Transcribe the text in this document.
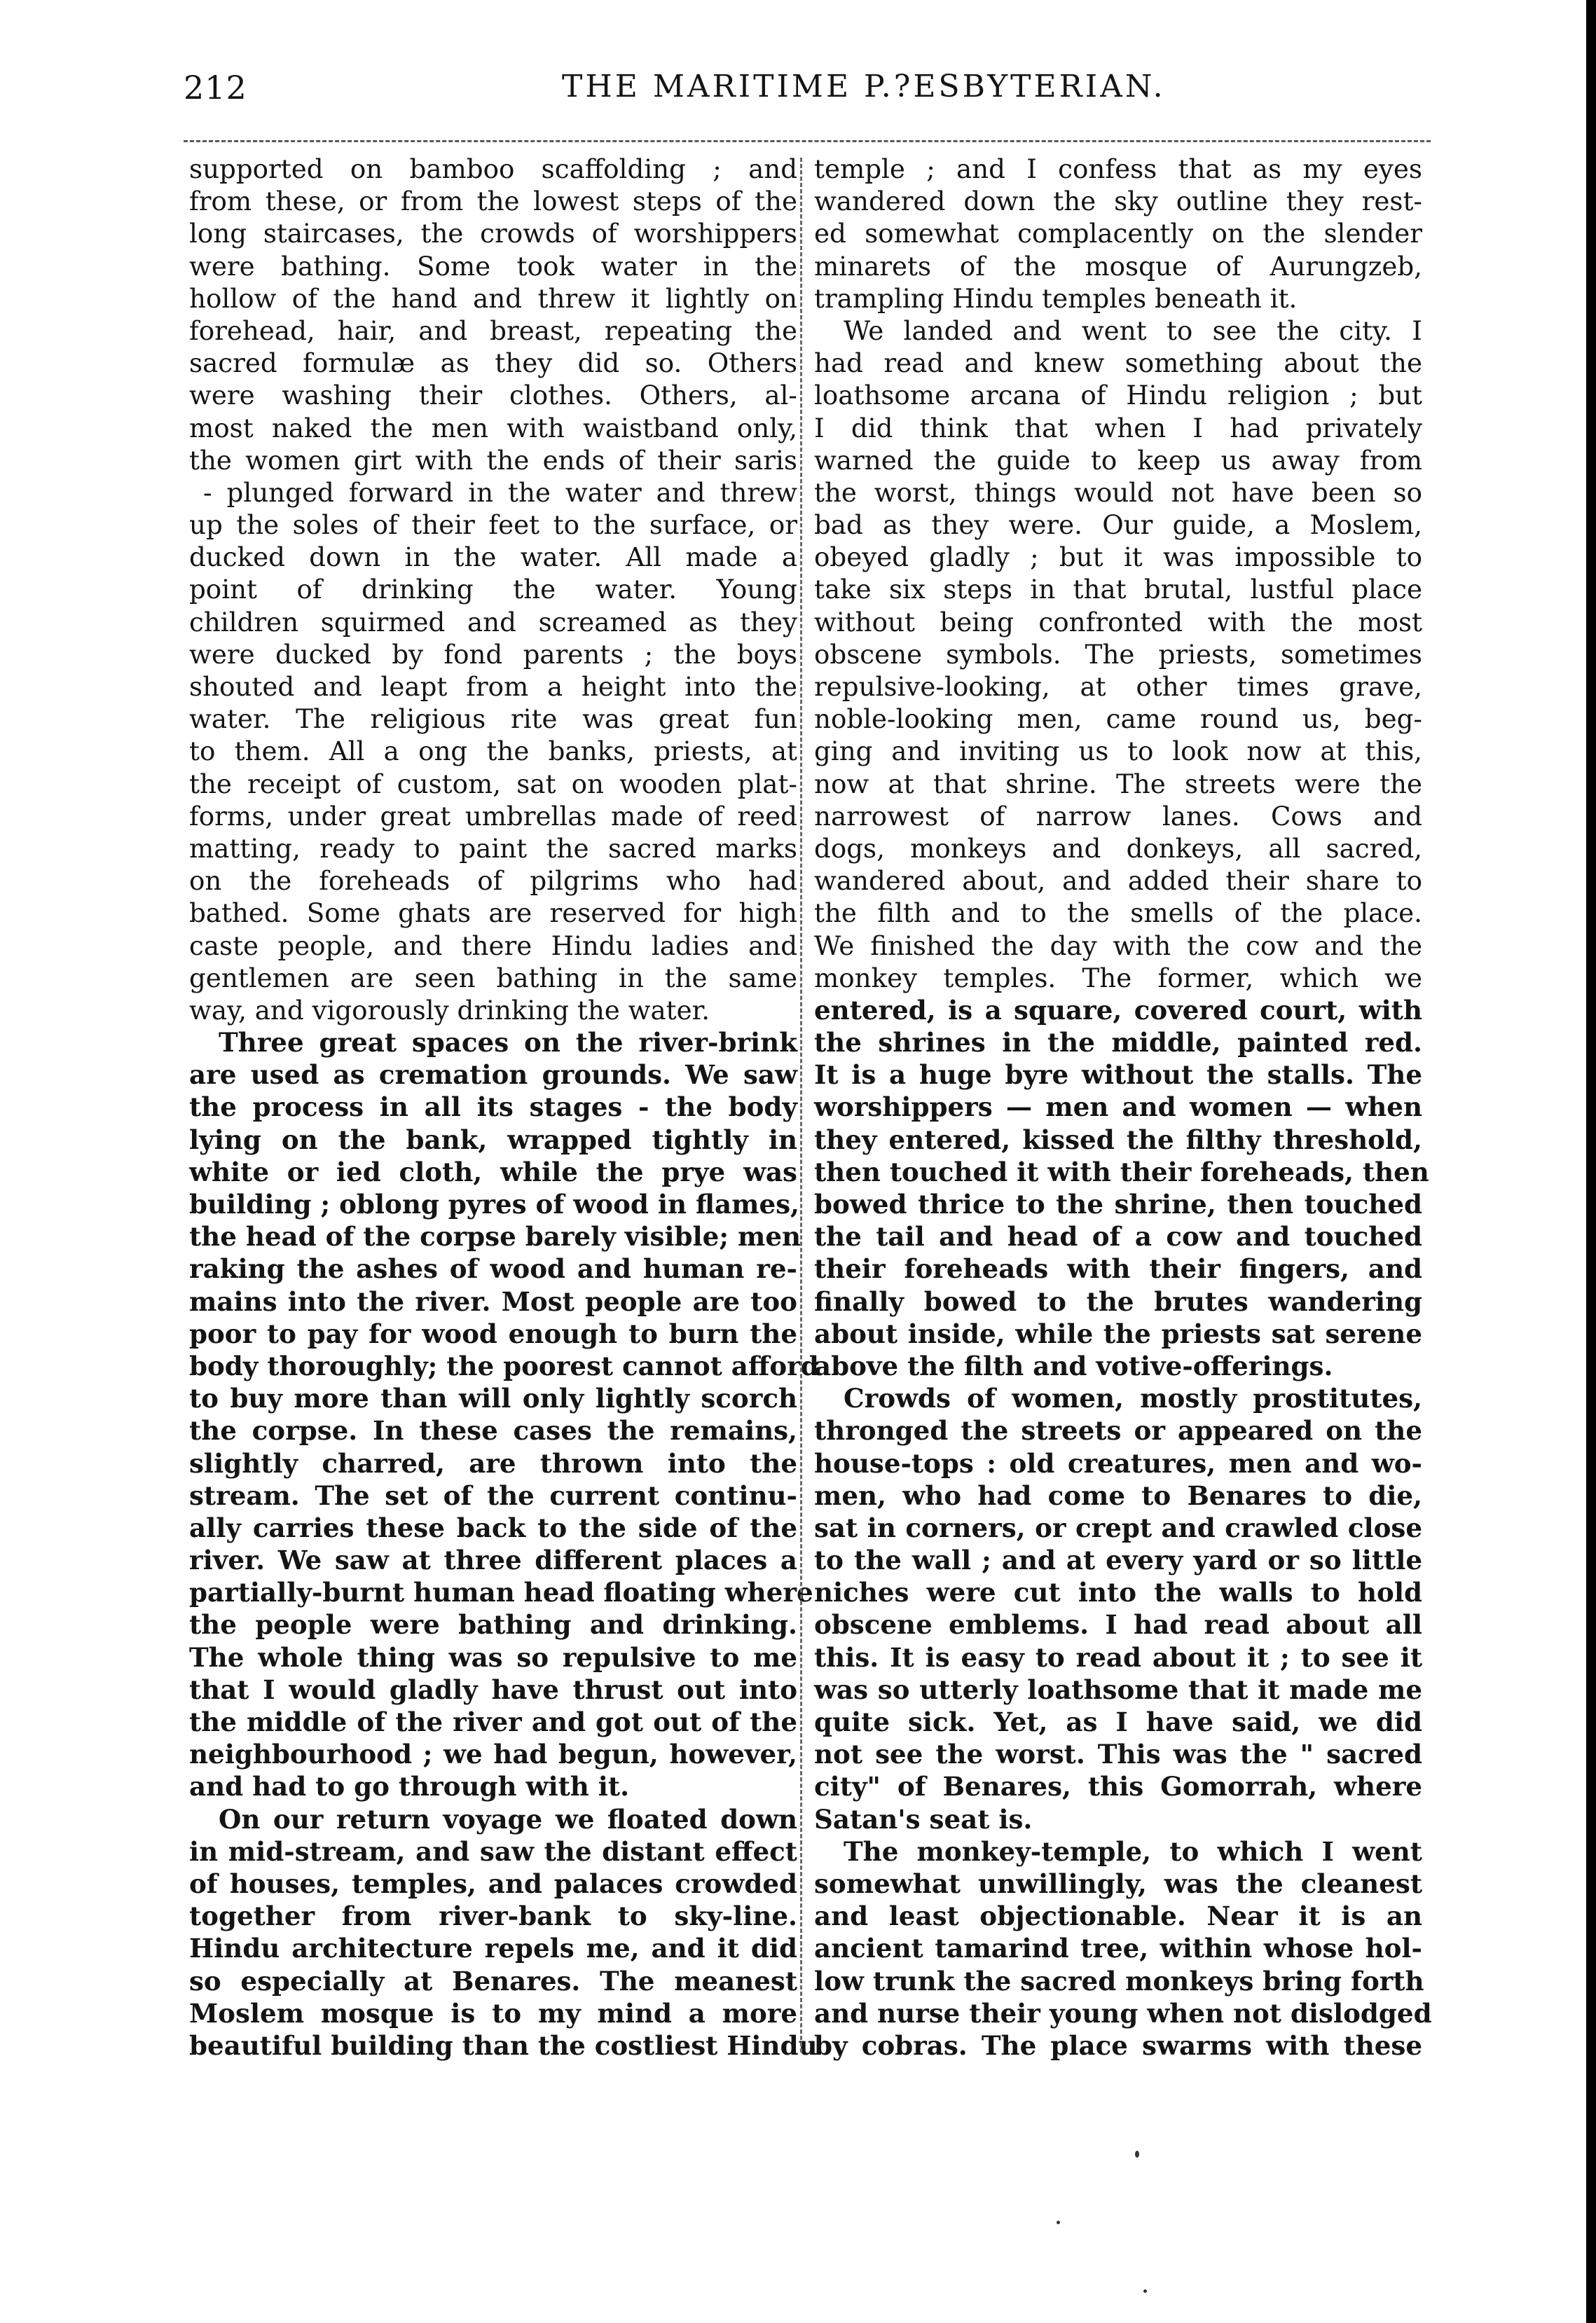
212	THE MARITIME P.?ESBYTERIAN.
supported on bamboo scaffolding ; and
from these, or from the lowest steps of the
long staircases, the crowds of worshippers
were bathing. Some took water in the
hollow of the hand and threw it lightly on
forehead, hair, and breast, repeating the
sacred formulæ as they did so. Others
were washing their clothes. Others, al-
most naked the men with waistband only,
the women girt with the ends of their saris
- plunged forward in the water and threw
up the soles of their feet to the surface, or
ducked down in the water. All made a
point of drinking the water. Young
children squirmed and screamed as they
were ducked by fond parents ; the boys
shouted and leapt from a height into the
water. The religious rite was great fun
to them. All a ong the banks, priests, at
the receipt of custom, sat on wooden plat-
forms, under great umbrellas made of reed
matting, ready to paint the sacred marks
on the foreheads of pilgrims who had
bathed. Some ghats are reserved for high
caste people, and there Hindu ladies and
gentlemen are seen bathing in the same
way, and vigorously drinking the water.
Three great spaces on the river-brink
are used as cremation grounds. We saw
the process in all its stages - the body
lying on the bank, wrapped tightly in
white or ied cloth, while the prye was
building ; oblong pyres of wood in flames,
the head of the corpse barely visible; men
raking the ashes of wood and human re-
mains into the river. Most people are too
poor to pay for wood enough to burn the
body thoroughly; the poorest cannot afford
to buy more than will only lightly scorch
the corpse. In these cases the remains,
slightly charred, are thrown into the
stream. The set of the current continu-
ally carries these back to the side of the
river. We saw at three different places a
partially-burnt human head floating where
the people were bathing and drinking.
The whole thing was so repulsive to me
that I would gladly have thrust out into
the middle of the river and got out of the
neighbourhood ; we had begun, however,
and had to go through with it.
On our return voyage we floated down
in mid-stream, and saw the distant effect
of houses, temples, and palaces crowded
together from river-bank to sky-line.
Hindu architecture repels me, and it did
so especially at Benares. The meanest
Moslem mosque is to my mind a more
beautiful building than the costliest Hindu
temple ; and I confess that as my eyes
wandered down the sky outline they rest-
ed somewhat complacently on the slender
minarets of the mosque of Aurungzeb,
trampling Hindu temples beneath it.
We landed and went to see the city. I
had read and knew something about the
loathsome arcana of Hindu religion ; but
I did think that when I had privately
warned the guide to keep us away from
the worst, things would not have been so
bad as they were. Our guide, a Moslem,
obeyed gladly ; but it was impossible to
take six steps in that brutal, lustful place
without being confronted with the most
obscene symbols. The priests, sometimes
repulsive-looking, at other times grave,
noble-looking men, came round us, beg-
ging and inviting us to look now at this,
now at that shrine. The streets were the
narrowest of narrow lanes. Cows and
dogs, monkeys and donkeys, all sacred,
wandered about, and added their share to
the filth and to the smells of the place.
We finished the day with the cow and the
monkey temples. The former, which we
entered, is a square, covered court, with
the shrines in the middle, painted red.
It is a huge byre without the stalls. The
worshippers — men and women — when
they entered, kissed the filthy threshold,
then touched it with their foreheads, then
bowed thrice to the shrine, then touched
the tail and head of a cow and touched
their foreheads with their fingers, and
finally bowed to the brutes wandering
about inside, while the priests sat serene
above the filth and votive-offerings.
Crowds of women, mostly prostitutes,
thronged the streets or appeared on the
house-tops : old creatures, men and wo-
men, who had come to Benares to die,
sat in corners, or crept and crawled close
to the wall ; and at every yard or so little
niches were cut into the walls to hold
obscene emblems. I had read about all
this. It is easy to read about it ; to see it
was so utterly loathsome that it made me
quite sick. Yet, as I have said, we did
not see the worst. This was the " sacred
city" of Benares, this Gomorrah, where
Satan's seat is.
The monkey-temple, to which I went
somewhat unwillingly, was the cleanest
and least objectionable. Near it is an
ancient tamarind tree, within whose hol-
low trunk the sacred monkeys bring forth
and nurse their young when not dislodged
by cobras. The place swarms with these
